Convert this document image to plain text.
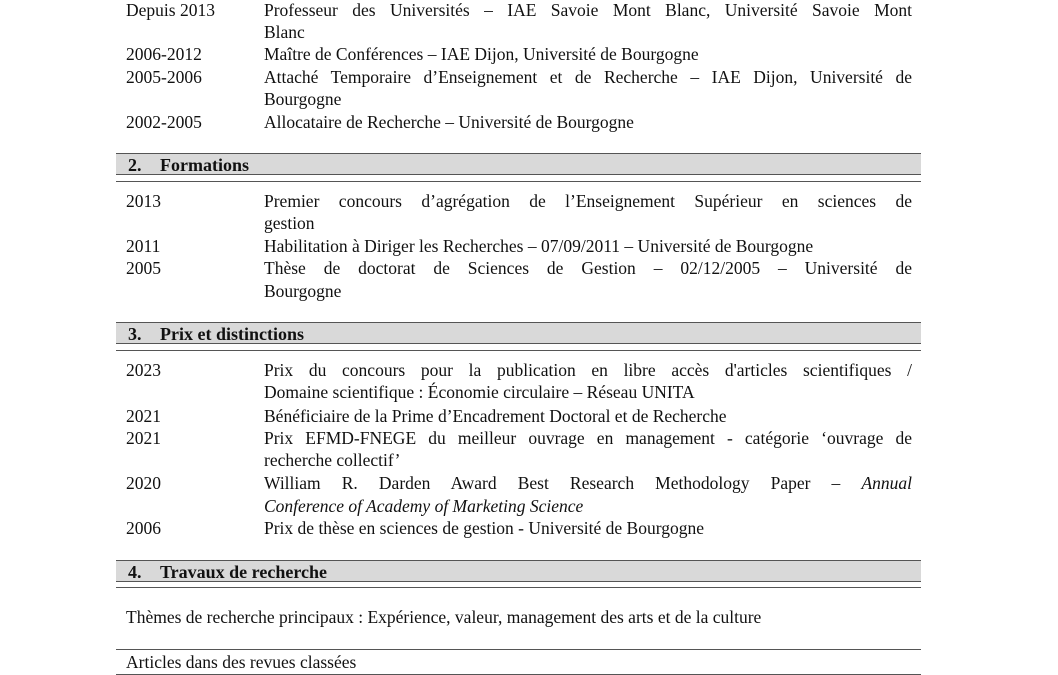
Depuis 2013	Professeur des Universités – IAE Savoie Mont Blanc, Université Savoie Mont
Blanc
2006-2012	Maître de Conférences – IAE Dijon, Université de Bourgogne
2005-2006	Attaché Temporaire d’Enseignement et de Recherche – IAE Dijon, Université de
Bourgogne
2002-2005	Allocataire de Recherche – Université de Bourgogne
2. Formations
2013	Premier concours d’agrégation de l’Enseignement Supérieur en sciences de
gestion
2011	Habilitation à Diriger les Recherches – 07/09/2011 – Université de Bourgogne
2005	Thèse de doctorat de Sciences de Gestion – 02/12/2005 – Université de
Bourgogne
3. Prix et distinctions
2023	Prix du concours pour la publication en libre accès d'articles scientifiques /
Domaine scientifique : Économie circulaire – Réseau UNITA
2021	Bénéficiaire de la Prime d’Encadrement Doctoral et de Recherche
2021	Prix EFMD-FNEGE du meilleur ouvrage en management - catégorie ‘ouvrage de
recherche collectif’
2020	William R. Darden Award Best Research Methodology Paper – Annual
Conference of Academy of Marketing Science
2006	Prix de thèse en sciences de gestion - Université de Bourgogne
4. Travaux de recherche
Thèmes de recherche principaux : Expérience, valeur, management des arts et de la culture
Articles dans des revues classées
